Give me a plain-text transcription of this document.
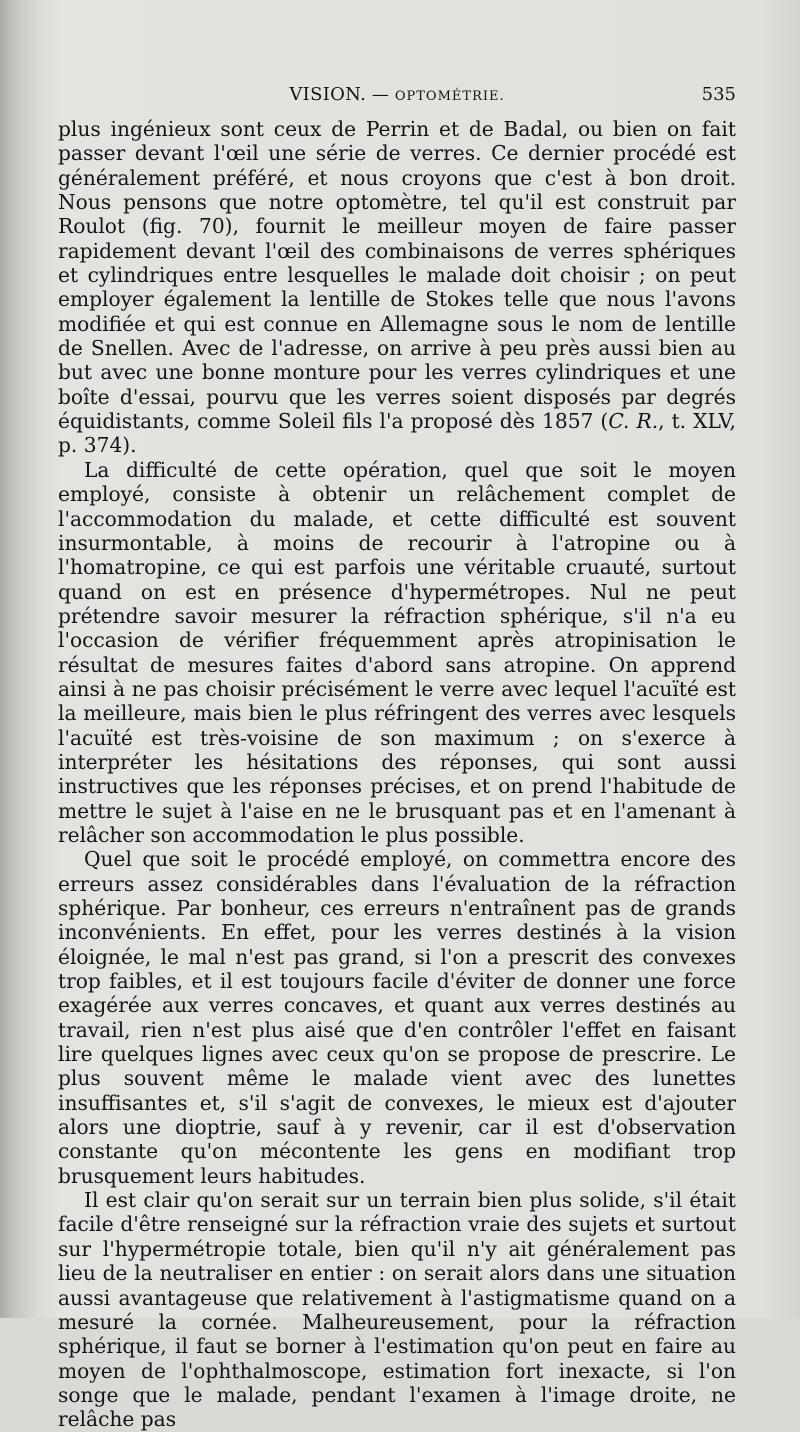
VISION. — OPTOMÉTRIE.	535

plus ingénieux sont ceux de Perrin et de Badal, ou bien on fait passer devant l'œil une série de verres. Ce dernier procédé est généralement préféré, et nous croyons que c'est à bon droit. Nous pensons que notre optomètre, tel qu'il est construit par Roulot (fig. 70), fournit le meilleur moyen de faire passer rapidement devant l'œil des combinaisons de verres sphériques et cylindriques entre lesquelles le malade doit choisir ; on peut employer également la lentille de Stokes telle que nous l'avons modifiée et qui est connue en Allemagne sous le nom de lentille de Snellen. Avec de l'adresse, on arrive à peu près aussi bien au but avec une bonne monture pour les verres cylindriques et une boîte d'essai, pourvu que les verres soient disposés par degrés équidistants, comme Soleil fils l'a proposé dès 1857 (C. R., t. XLV, p. 374).

La difficulté de cette opération, quel que soit le moyen employé, consiste à obtenir un relâchement complet de l'accommodation du malade, et cette difficulté est souvent insurmontable, à moins de recourir à l'atropine ou à l'homatropine, ce qui est parfois une véritable cruauté, surtout quand on est en présence d'hypermétropes. Nul ne peut prétendre savoir mesurer la réfraction sphérique, s'il n'a eu l'occasion de vérifier fréquemment après atropinisation le résultat de mesures faites d'abord sans atropine. On apprend ainsi à ne pas choisir précisément le verre avec lequel l'acuïté est la meilleure, mais bien le plus réfringent des verres avec lesquels l'acuïté est très-voisine de son maximum ; on s'exerce à interpréter les hésitations des réponses, qui sont aussi instructives que les réponses précises, et on prend l'habitude de mettre le sujet à l'aise en ne le brusquant pas et en l'amenant à relâcher son accommodation le plus possible.

Quel que soit le procédé employé, on commettra encore des erreurs assez considérables dans l'évaluation de la réfraction sphérique. Par bonheur, ces erreurs n'entraînent pas de grands inconvénients. En effet, pour les verres destinés à la vision éloignée, le mal n'est pas grand, si l'on a prescrit des convexes trop faibles, et il est toujours facile d'éviter de donner une force exagérée aux verres concaves, et quant aux verres destinés au travail, rien n'est plus aisé que d'en contrôler l'effet en faisant lire quelques lignes avec ceux qu'on se propose de prescrire. Le plus souvent même le malade vient avec des lunettes insuffisantes et, s'il s'agit de convexes, le mieux est d'ajouter alors une dioptrie, sauf à y revenir, car il est d'observation constante qu'on mécontente les gens en modifiant trop brusquement leurs habitudes.

Il est clair qu'on serait sur un terrain bien plus solide, s'il était facile d'être renseigné sur la réfraction vraie des sujets et surtout sur l'hypermétropie totale, bien qu'il n'y ait généralement pas lieu de la neutraliser en entier : on serait alors dans une situation aussi avantageuse que relativement à l'astigmatisme quand on a mesuré la cornée. Malheureusement, pour la réfraction sphérique, il faut se borner à l'estimation qu'on peut en faire au moyen de l'ophthalmoscope, estimation fort inexacte, si l'on songe que le malade, pendant l'examen à l'image droite, ne relâche pas
